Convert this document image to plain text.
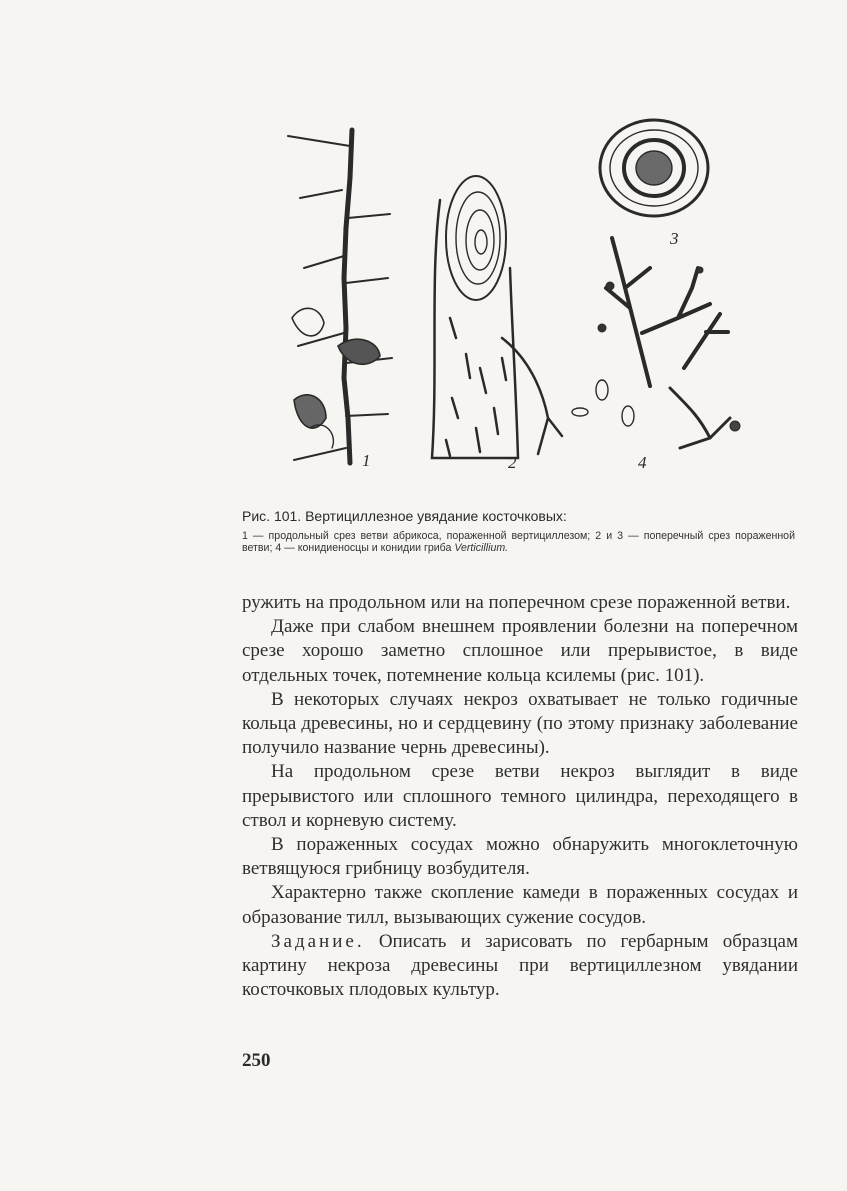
1	2
3
4
Рис. 101. Вертициллезное увядание косточковых:
1 — продольный срез ветви абрикоса, пораженной вертициллезом; 2 и 3 — поперечный срез пораженной ветви; 4 — конидиеносцы и конидии гриба Verticillium.

ружить на продольном или на поперечном срезе пораженной ветви.

Даже при слабом внешнем проявлении болезни на поперечном срезе хорошо заметно сплошное или прерывистое, в виде отдельных точек, потемнение кольца ксилемы (рис. 101).

В некоторых случаях некроз охватывает не только годичные кольца древесины, но и сердцевину (по этому признаку заболевание получило название чернь древесины).

На продольном срезе ветви некроз выглядит в виде прерывистого или сплошного темного цилиндра, переходящего в ствол и корневую систему.

В пораженных сосудах можно обнаружить многоклеточную ветвящуюся грибницу возбудителя.

Характерно также скопление камеди в пораженных сосудах и образование тилл, вызывающих сужение сосудов.

Задание. Описать и зарисовать по гербарным образцам картину некроза древесины при вертициллезном увядании косточковых плодовых культур.

250
